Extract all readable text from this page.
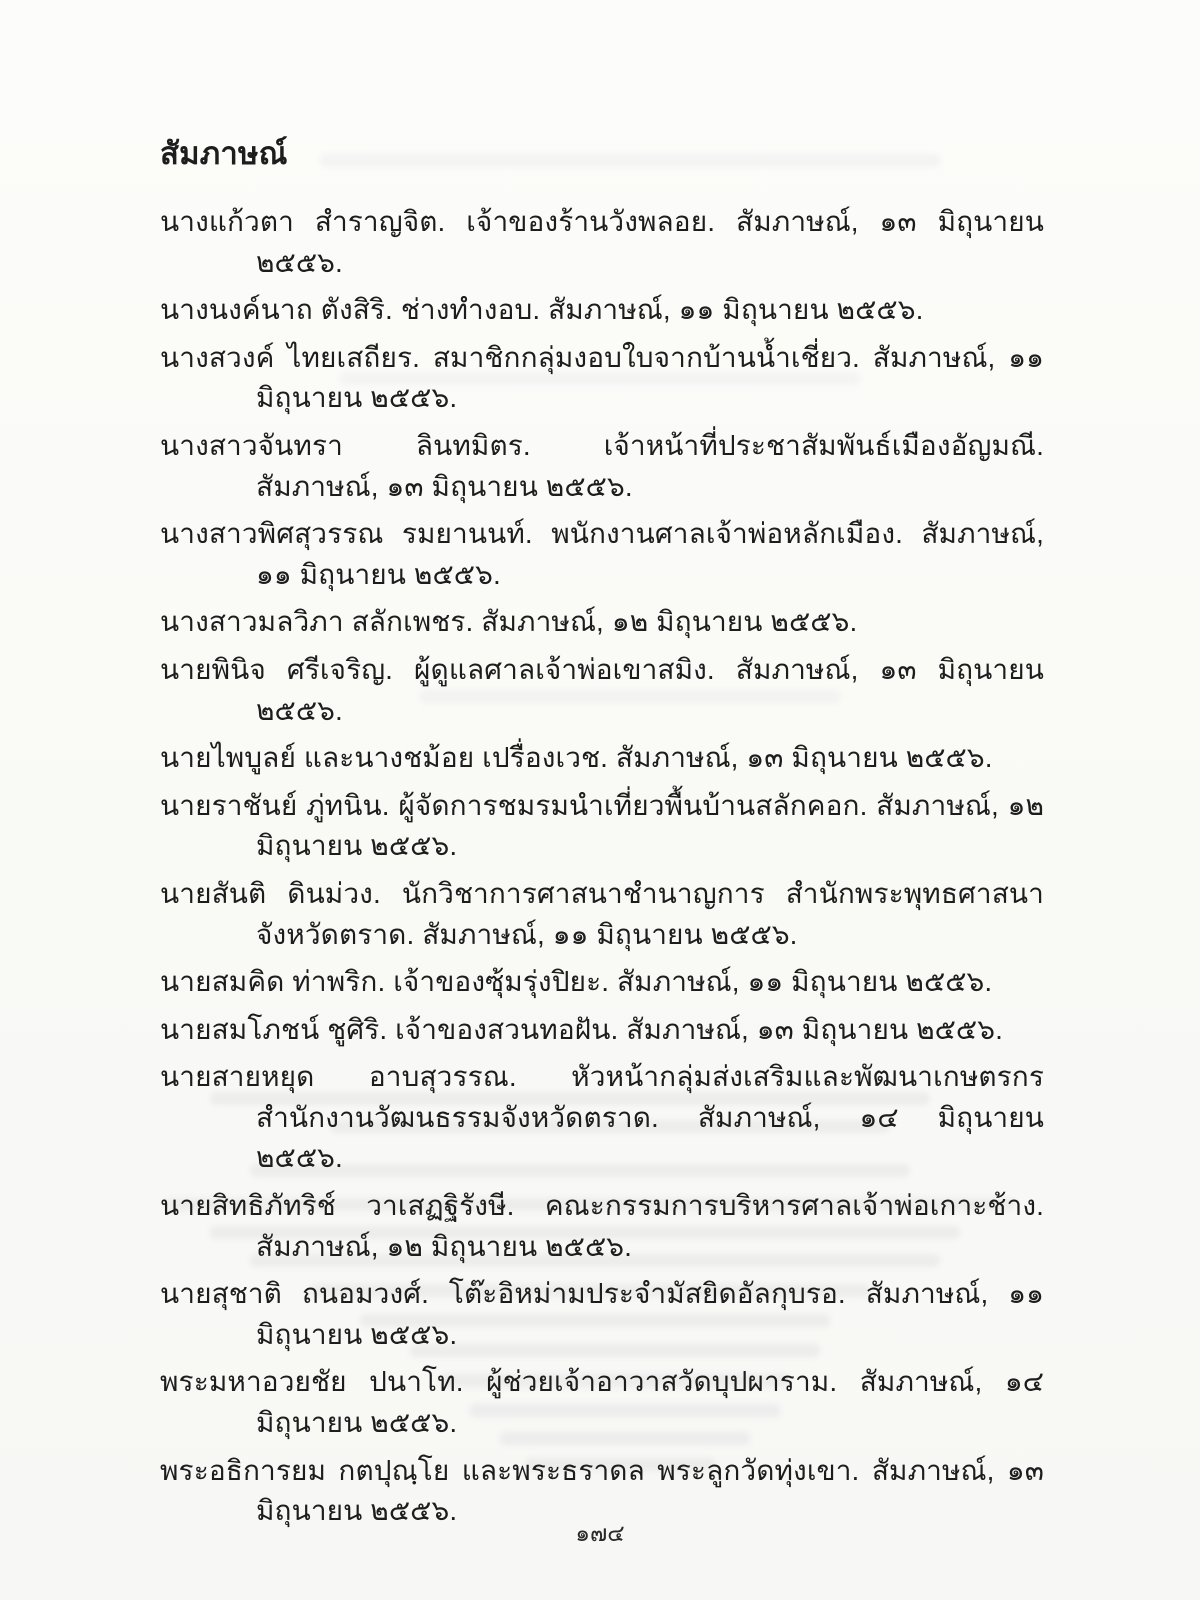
สัมภาษณ์

นางแก้วตา สำราญจิต. เจ้าของร้านวังพลอย. สัมภาษณ์, ๑๓ มิถุนายน ๒๕๕๖.

นางนงค์นาถ ตังสิริ. ช่างทำงอบ. สัมภาษณ์, ๑๑ มิถุนายน ๒๕๕๖.

นางสวงค์ ไทยเสถียร. สมาชิกกลุ่มงอบใบจากบ้านน้ำเชี่ยว. สัมภาษณ์, ๑๑ มิถุนายน ๒๕๕๖.

นางสาวจันทรา ลินทมิตร. เจ้าหน้าที่ประชาสัมพันธ์เมืองอัญมณี. สัมภาษณ์, ๑๓ มิถุนายน ๒๕๕๖.

นางสาวพิศสุวรรณ รมยานนท์. พนักงานศาลเจ้าพ่อหลักเมือง. สัมภาษณ์, ๑๑ มิถุนายน ๒๕๕๖.

นางสาวมลวิภา สลักเพชร. สัมภาษณ์, ๑๒ มิถุนายน ๒๕๕๖.

นายพินิจ ศรีเจริญ. ผู้ดูแลศาลเจ้าพ่อเขาสมิง. สัมภาษณ์, ๑๓ มิถุนายน ๒๕๕๖.

นายไพบูลย์ และนางชม้อย เปรื่องเวช. สัมภาษณ์, ๑๓ มิถุนายน ๒๕๕๖.

นายราชันย์ ภู่ทนิน. ผู้จัดการชมรมนำเที่ยวพื้นบ้านสลักคอก. สัมภาษณ์, ๑๒ มิถุนายน ๒๕๕๖.

นายสันติ ดินม่วง. นักวิชาการศาสนาชำนาญการ สำนักพระพุทธศาสนาจังหวัดตราด. สัมภาษณ์, ๑๑ มิถุนายน ๒๕๕๖.

นายสมคิด ท่าพริก. เจ้าของซุ้มรุ่งปิยะ. สัมภาษณ์, ๑๑ มิถุนายน ๒๕๕๖.

นายสมโภชน์ ชูศิริ. เจ้าของสวนทอฝัน. สัมภาษณ์, ๑๓ มิถุนายน ๒๕๕๖.

นายสายหยุด อาบสุวรรณ. หัวหน้ากลุ่มส่งเสริมและพัฒนาเกษตรกร สำนักงานวัฒนธรรมจังหวัดตราด. สัมภาษณ์, ๑๔ มิถุนายน ๒๕๕๖.

นายสิทธิภัทริช์ วาเสฏฐิรังษี. คณะกรรมการบริหารศาลเจ้าพ่อเกาะช้าง. สัมภาษณ์, ๑๒ มิถุนายน ๒๕๕๖.

นายสุชาติ ถนอมวงศ์. โต๊ะอิหม่ามประจำมัสยิดอัลกุบรอ. สัมภาษณ์, ๑๑ มิถุนายน ๒๕๕๖.

พระมหาอวยชัย ปนาโท. ผู้ช่วยเจ้าอาวาสวัดบุปผาราม. สัมภาษณ์, ๑๔ มิถุนายน ๒๕๕๖.

พระอธิการยม กตปุณฺโย และพระธราดล พระลูกวัดทุ่งเขา. สัมภาษณ์, ๑๓ มิถุนายน ๒๕๕๖.

๑๗๔
